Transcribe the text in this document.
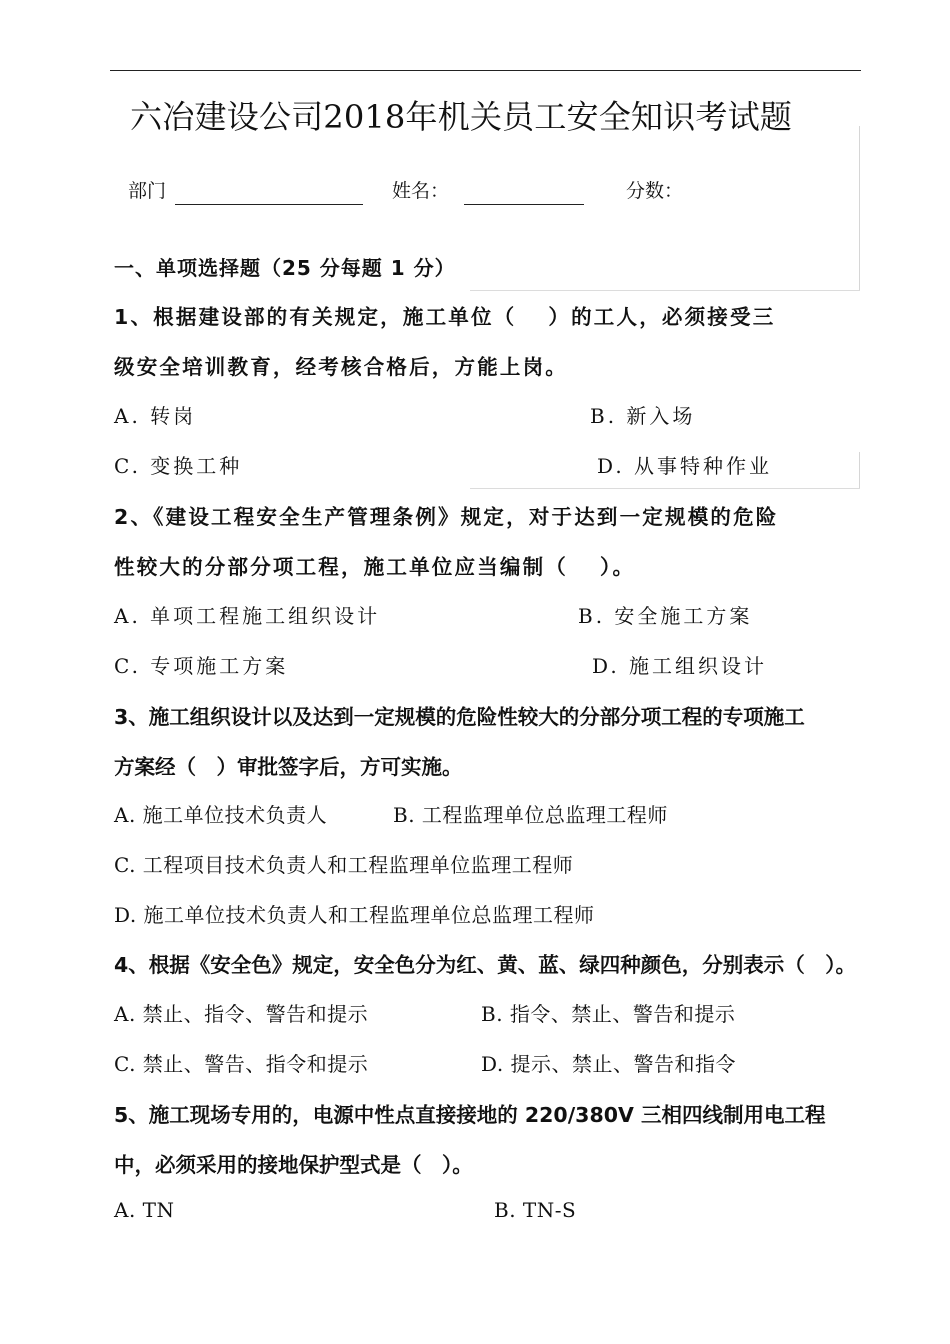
六冶建设公司2018年机关员工安全知识考试题
部门	姓名：	分数：
一、单项选择题（25 分每题 1 分）
1、根据建设部的有关规定，施工单位（　 ）的工人，必须接受三
级安全培训教育，经考核合格后，方能上岗。
A. 转岗	B. 新入场
C. 变换工种	D. 从事特种作业
2、《建设工程安全生产管理条例》规定，对于达到一定规模的危险
性较大的分部分项工程，施工单位应当编制（　 ）。
A. 单项工程施工组织设计	B. 安全施工方案
C. 专项施工方案	D. 施工组织设计
3、施工组织设计以及达到一定规模的危险性较大的分部分项工程的专项施工
方案经（　）审批签字后，方可实施。
A. 施工单位技术负责人	B. 工程监理单位总监理工程师
C. 工程项目技术负责人和工程监理单位监理工程师
D. 施工单位技术负责人和工程监理单位总监理工程师
4、根据《安全色》规定，安全色分为红、黄、蓝、绿四种颜色，分别表示（　）。
A. 禁止、指令、警告和提示	B. 指令、禁止、警告和提示
C. 禁止、警告、指令和提示	D. 提示、禁止、警告和指令
5、施工现场专用的，电源中性点直接接地的 220/380V 三相四线制用电工程
中，必须采用的接地保护型式是（　）。
A. TN	B. TN-S
